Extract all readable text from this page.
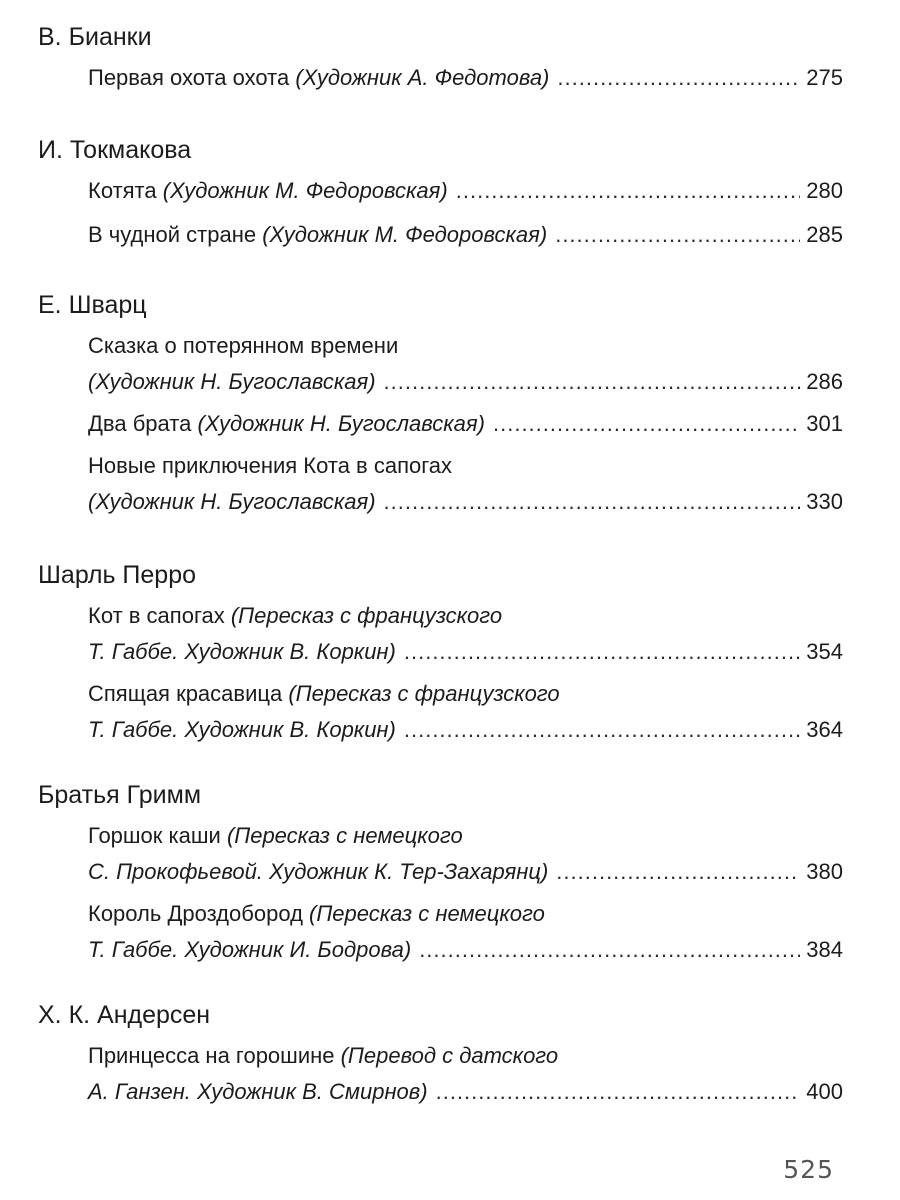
В. Бианки
Первая охота охота (Художник А. Федотова) .....	275
И. Токмакова
Котята (Художник М. Федоровская) .....	280
В чудной стране (Художник М. Федоровская) .....	285
Е. Шварц
Сказка о потерянном времени
(Художник Н. Бугославская) .....	286
Два брата (Художник Н. Бугославская) .....	301
Новые приключения Кота в сапогах
(Художник Н. Бугославская) .....	330
Шарль Перро
Кот в сапогах (Пересказ с французского
Т. Габбе. Художник В. Коркин) .....	354
Спящая красавица (Пересказ с французского
Т. Габбе. Художник В. Коркин) .....	364
Братья Гримм
Горшок каши (Пересказ с немецкого
С. Прокофьевой. Художник К. Тер-Захарянц) .....	380
Король Дроздобород (Пересказ с немецкого
Т. Габбе. Художник И. Бодрова) .....	384
Х. К. Андерсен
Принцесса на горошине (Перевод с датского
А. Ганзен. Художник В. Смирнов) .....	400
525
